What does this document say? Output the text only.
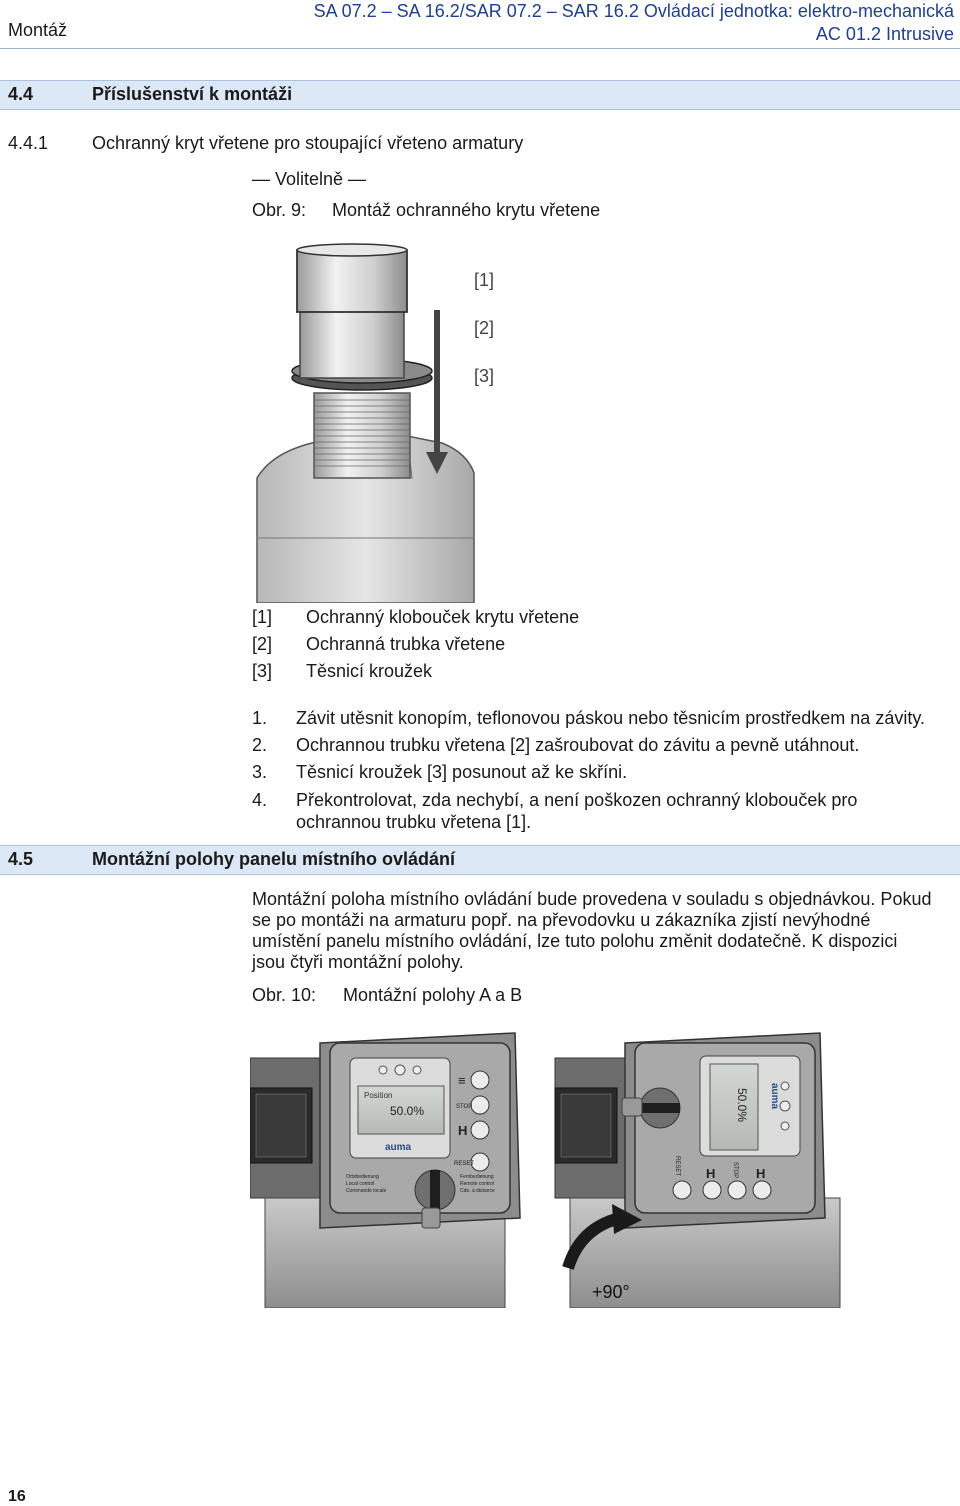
Montáž
SA 07.2 – SA 16.2/SAR 07.2 – SAR 16.2 Ovládací jednotka: elektro-mechanická
AC 01.2 Intrusive
4.4	Příslušenství k montáži
4.4.1 Ochranný kryt vřetene pro stoupající vřeteno armatury
— Volitelně —
Obr. 9: Montáž ochranného krytu vřetene
[1]
[2]
[3]
[1] Ochranný klobouček krytu vřetene
[2] Ochranná trubka vřetene
[3] Těsnicí kroužek
1. Závit utěsnit konopím, teflonovou páskou nebo těsnicím prostředkem na závity.
2. Ochrannou trubku vřetena [2] zašroubovat do závitu a pevně utáhnout.
3. Těsnicí kroužek [3] posunout až ke skříni.
4. Překontrolovat, zda nechybí, a není poškozen ochranný klobouček pro
ochrannou trubku vřetena [1].
4.5	Montážní polohy panelu místního ovládání
Montážní poloha místního ovládání bude provedena v souladu s objednávkou. Pokud
se po montáži na armaturu popř. na převodovku u zákazníka zjistí nevýhodné
umístění panelu místního ovládání, lze tuto polohu změnit dodatečně. K dispozici
jsou čtyři montážní polohy.
Obr. 10: Montážní polohy A a B
Position
50.0%
auma
STOP
RESET
≡
H
Ortsbedienung
Local control
Commande locale
Fernbedienung
Remote control
Cde. à distance
50.0% auma
RESET	STOP
H	H
+90°
16
